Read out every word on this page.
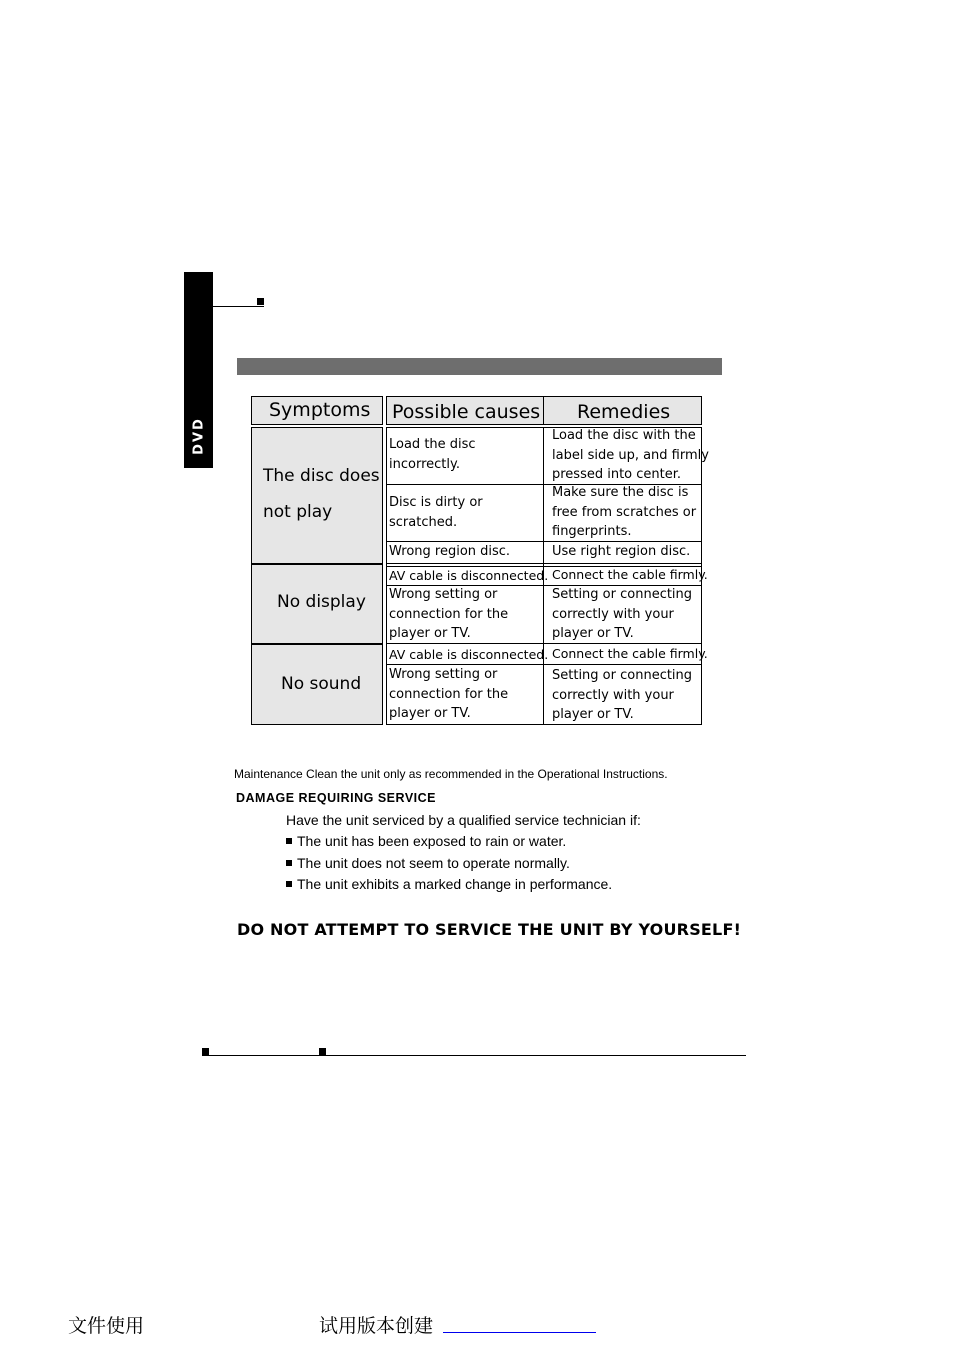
DVD
Symptoms Possible causes Remedies
The disc does
not play
No display
No sound
Load the disc
incorrectly.
Load the disc with the
label side up, and firmly
pressed into center.
Disc is dirty or
scratched.
Make sure the disc is
free from scratches or
fingerprints.
Wrong region disc.	Use right region disc.
AV cable is disconnected. Connect the cable firmly.
Wrong setting or
connection for the
player or TV.
Setting or connecting
correctly with your
player or TV.
AV cable is disconnected. Connect the cable firmly.
Wrong setting or
connection for the
player or TV.
Setting or connecting
correctly with your
player or TV.
Maintenance Clean the unit only as recommended in the Operational Instructions.
DAMAGE REQUIRING SERVICE
Have the unit serviced by a qualified service technician if:
The unit has been exposed to rain or water.
The unit does not seem to operate normally.
The unit exhibits a marked change in performance.
DO NOT ATTEMPT TO SERVICE THE UNIT BY YOURSELF!
文件使用	试用版本创建
